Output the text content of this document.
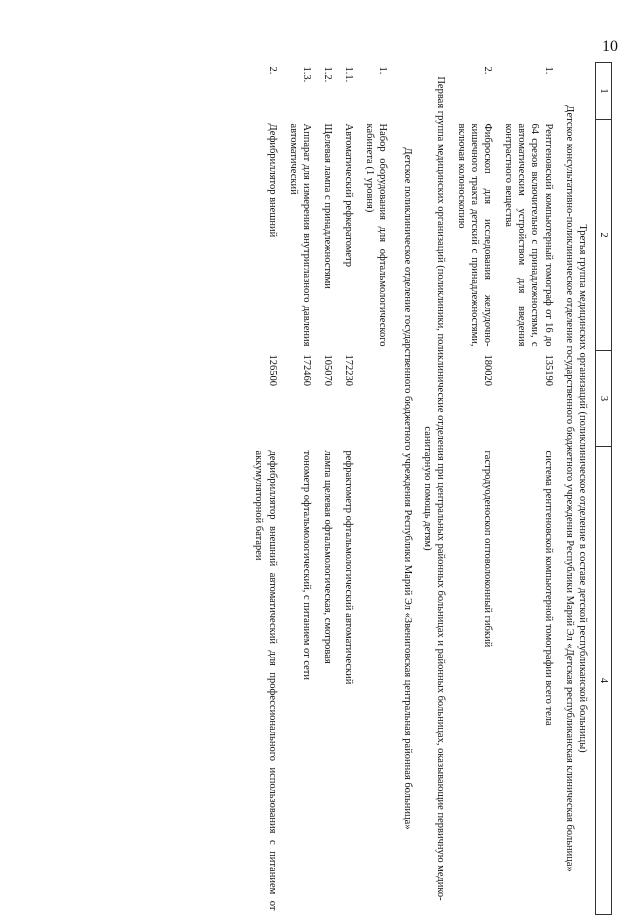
10
1	2	3	4

Третья группа медицинских организаций (поликлиническое отделение в составе детской республиканской больницы)
Детское консультативно-поликлиническое отделение государственного бюджетного учреждения Республики Марий Эл «Детская республиканская клиническая больница»			

1.	Рентгеновский компьютерный томограф от 16 до 64 срезов включительно с принадлежностями, с автоматическим устройством для введения контрастного вещества	135190	система рентгеновской компьютерной томографии всего тела
2.	Фиброскоп для исследования желудочно-кишечного тракта детский с принадлежностями, включая колоноскопию	180020	гастродуоденоскоп оптоволоконный гибкий

Первая группа медицинских организаций (поликлиники, поликлинические отделения при центральных районных больницах и районных больницах, оказывающие первичную медико-санитарную помощь детям)
Детское поликлиническое отделение государственного бюджетного учреждения Республики Марий Эл «Звениговская центральная районная больница»			

1.	Набор оборудования для офтальмологического кабинета (1 уровня)		
1.1.	Автоматический рефкератометр	172230	рефрактометр офтальмологический автоматический
1.2.	Щелевая лампа с принадлежностями	105070	лампа щелевая офтальмологическая, смотровая
1.3.	Аппарат для измерения внутриглазного давления автоматический	172460	тонометр офтальмологический, с питанием от сети
2.	Дефибриллятор внешний	126500	дефибриллятор внешний автоматический для профессионального использования с питанием от аккумуляторной батареи
